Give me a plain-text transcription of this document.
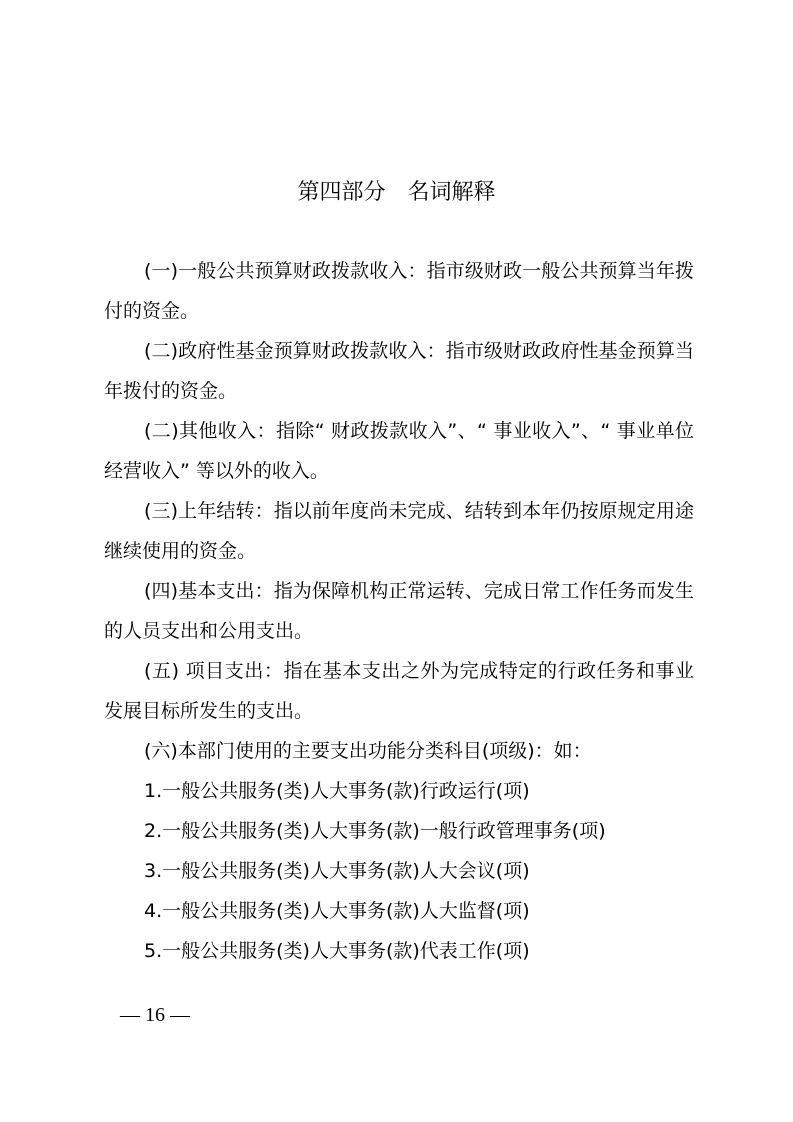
第四部分　名词解释

(一)一般公共预算财政拨款收入：指市级财政一般公共预算当年拨付的资金。

(二)政府性基金预算财政拨款收入：指市级财政政府性基金预算当年拨付的资金。

(二)其他收入：指除“ 财政拨款收入”、“ 事业收入”、“ 事业单位经营收入” 等以外的收入。

(三)上年结转：指以前年度尚未完成、结转到本年仍按原规定用途继续使用的资金。

(四)基本支出：指为保障机构正常运转、完成日常工作任务而发生的人员支出和公用支出。

(五) 项目支出：指在基本支出之外为完成特定的行政任务和事业发展目标所发生的支出。

(六)本部门使用的主要支出功能分类科目(项级)：如：

1.一般公共服务(类)人大事务(款)行政运行(项)

2.一般公共服务(类)人大事务(款)一般行政管理事务(项)

3.一般公共服务(类)人大事务(款)人大会议(项)

4.一般公共服务(类)人大事务(款)人大监督(项)

5.一般公共服务(类)人大事务(款)代表工作(项)

— 16 —
